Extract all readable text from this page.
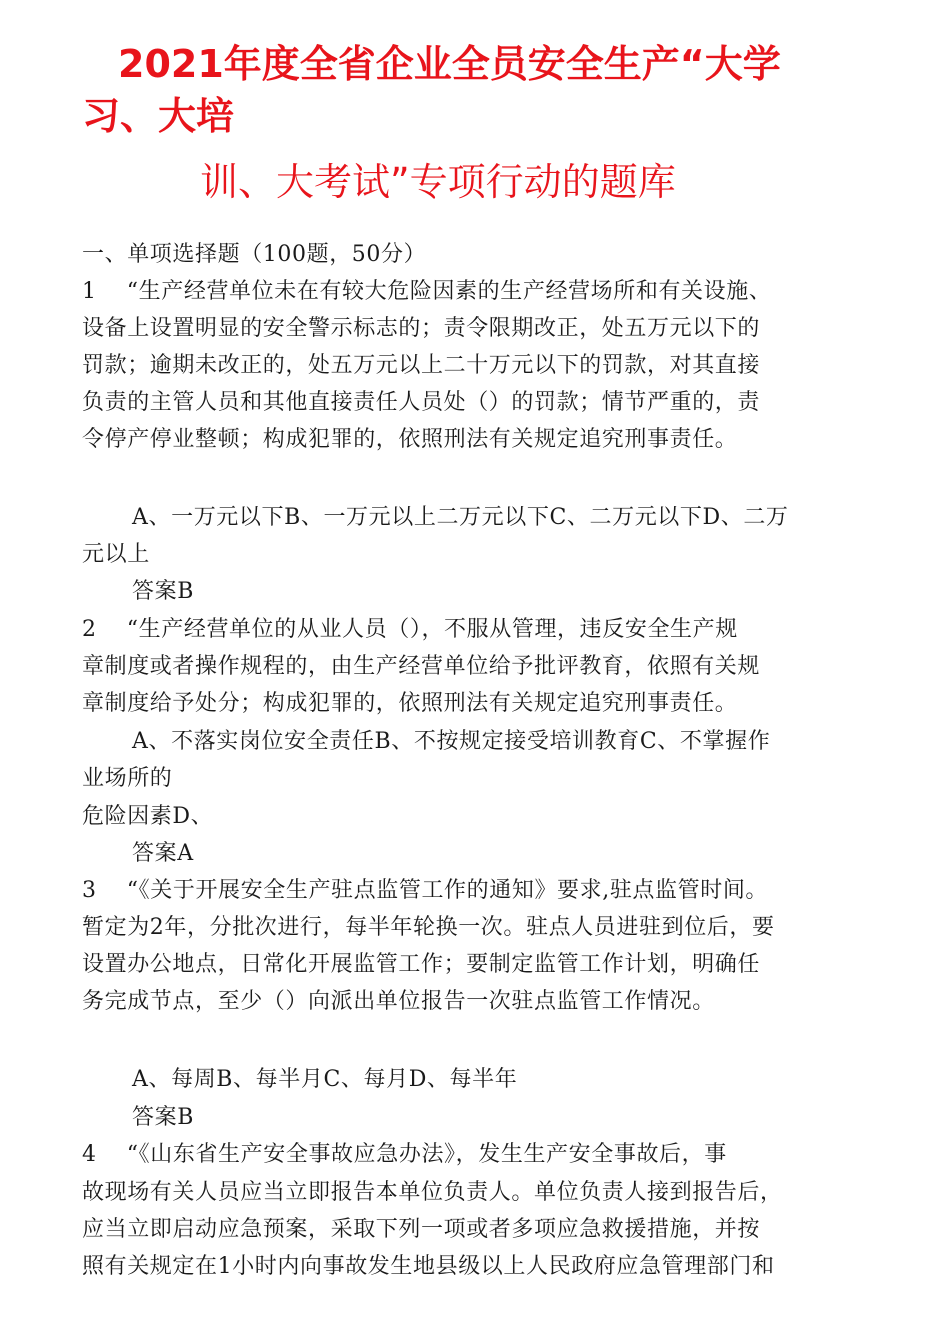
2021年度全省企业全员安全生产“大学
习、大培
训、大考试”专项行动的题库
一、单项选择题（100题，50分）
1　 “生产经营单位未在有较大危险因素的生产经营场所和有关设施、
设备上设置明显的安全警示标志的；责令限期改正，处五万元以下的
罚款；逾期未改正的，处五万元以上二十万元以下的罚款，对其直接
负责的主管人员和其他直接责任人员处（）的罚款；情节严重的，责
令停产停业整顿；构成犯罪的，依照刑法有关规定追究刑事责任。
A、一万元以下B、一万元以上二万元以下C、二万元以下D、二万
元以上
答案B
2　 “生产经营单位的从业人员（），不服从管理，违反安全生产规
章制度或者操作规程的，由生产经营单位给予批评教育，依照有关规
章制度给予处分；构成犯罪的，依照刑法有关规定追究刑事责任。
A、不落实岗位安全责任B、不按规定接受培训教育C、不掌握作
业场所的
危险因素D、
答案A
3　 “《关于开展安全生产驻点监管工作的通知》要求,驻点监管时间。
暂定为2年，分批次进行，每半年轮换一次。驻点人员进驻到位后，要
设置办公地点，日常化开展监管工作；要制定监管工作计划，明确任
务完成节点，至少（）向派出单位报告一次驻点监管工作情况。
A、每周B、每半月C、每月D、每半年
答案B
4　 “《山东省生产安全事故应急办法》，发生生产安全事故后，事
故现场有关人员应当立即报告本单位负责人。单位负责人接到报告后，
应当立即启动应急预案，采取下列一项或者多项应急救援措施，并按
照有关规定在1小时内向事故发生地县级以上人民政府应急管理部门和
